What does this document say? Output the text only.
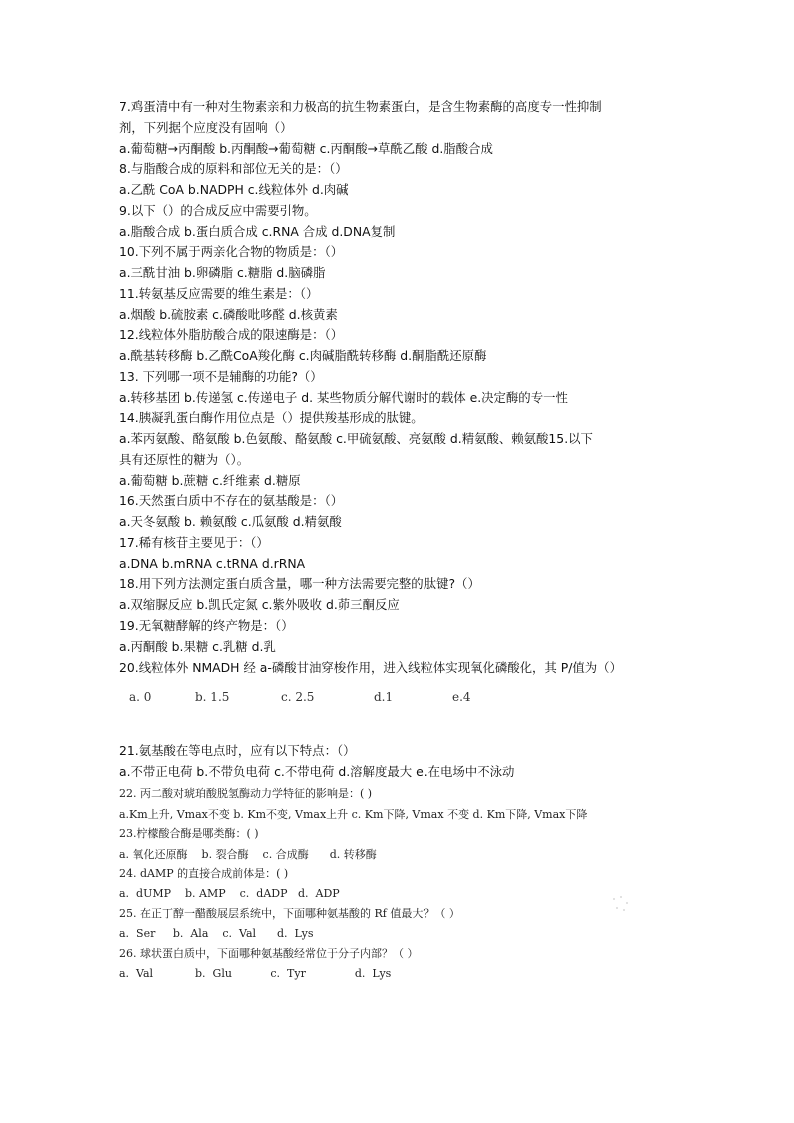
7.鸡蛋清中有一种对生物素亲和力极高的抗生物素蛋白，是含生物素酶的高度专一性抑制
剂，下列据个应度没有固响（）
a.葡萄糖→丙酮酸 b.丙酮酸→葡萄糖 c.丙酮酸→草酰乙酸 d.脂酸合成
8.与脂酸合成的原料和部位无关的是：（）
a.乙酰 CoA b.NADPH c.线粒体外 d.肉碱
9.以下（）的合成反应中需要引物。
a.脂酸合成 b.蛋白质合成 c.RNA 合成 d.DNA复制
10.下列不属于两亲化合物的物质是：（）
a.三酰甘油 b.卵磷脂 c.糖脂 d.脑磷脂
11.转氨基反应需要的维生素是：（）
a.烟酸 b.硫胺素 c.磷酸吡哆醛 d.核黄素
12.线粒体外脂肪酸合成的限速酶是：（）
a.酰基转移酶 b.乙酰CoA羧化酶 c.肉碱脂酰转移酶 d.酮脂酰还原酶
13. 下列哪一项不是辅酶的功能?（）
a.转移基团 b.传递氢 c.传递电子 d. 某些物质分解代谢时的载体 e.决定酶的专一性
14.胰凝乳蛋白酶作用位点是（）提供羧基形成的肽键。
a.苯丙氨酸、酪氨酸 b.色氨酸、酪氨酸 c.甲硫氨酸、亮氨酸 d.精氨酸、赖氨酸15.以下
具有还原性的糖为（）。
a.葡萄糖 b.蔗糖 c.纤维素 d.糖原
16.天然蛋白质中不存在的氨基酸是：（）
a.天冬氨酸 b. 赖氨酸 c.瓜氨酸 d.精氨酸
17.稀有核苷主要见于：（）
a.DNA b.mRNA c.tRNA d.rRNA
18.用下列方法测定蛋白质含量，哪一种方法需要完整的肽键?（）
a.双缩脲反应 b.凯氏定氮 c.紫外吸收 d.茆三酮反应
19.无氧糖酵解的终产物是：（）
a.丙酮酸 b.果糖 c.乳糖 d.乳
20.线粒体外 NMADH 经 a-磷酸甘油穿梭作用，进入线粒体实现氧化磷酸化，其 P/值为（）
a. 0	b. 1.5	c. 2.5	d.1	e.4
21.氨基酸在等电点时，应有以下特点：（）
a.不带正电荷 b.不带负电荷 c.不带电荷 d.溶解度最大 e.在电场中不泳动
22. 丙二酸对琥珀酸脱氢酶动力学特征的影响是：( )
a.Km上升, Vmax不变 b. Km不变, Vmax上升 c. Km下降, Vmax 不变 d. Km下降, Vmax下降
23.柠檬酸合酶是哪类酶：( )
a. 氧化还原酶    b. 裂合酶    c. 合成酶      d. 转移酶
24. dAMP 的直接合成前体是：( )
a.  dUMP    b. AMP    c.  dADP   d.  ADP
25. 在正丁醇一醋酸展层系统中，下面哪种氨基酸的 Rf 值最大？（ ）
a.  Ser     b.  Ala    c.  Val      d.  Lys
26. 球状蛋白质中，下面哪种氨基酸经常位于分子内部？（ ）
a.  Val            b.  Glu           c.  Tyr              d.  Lys
